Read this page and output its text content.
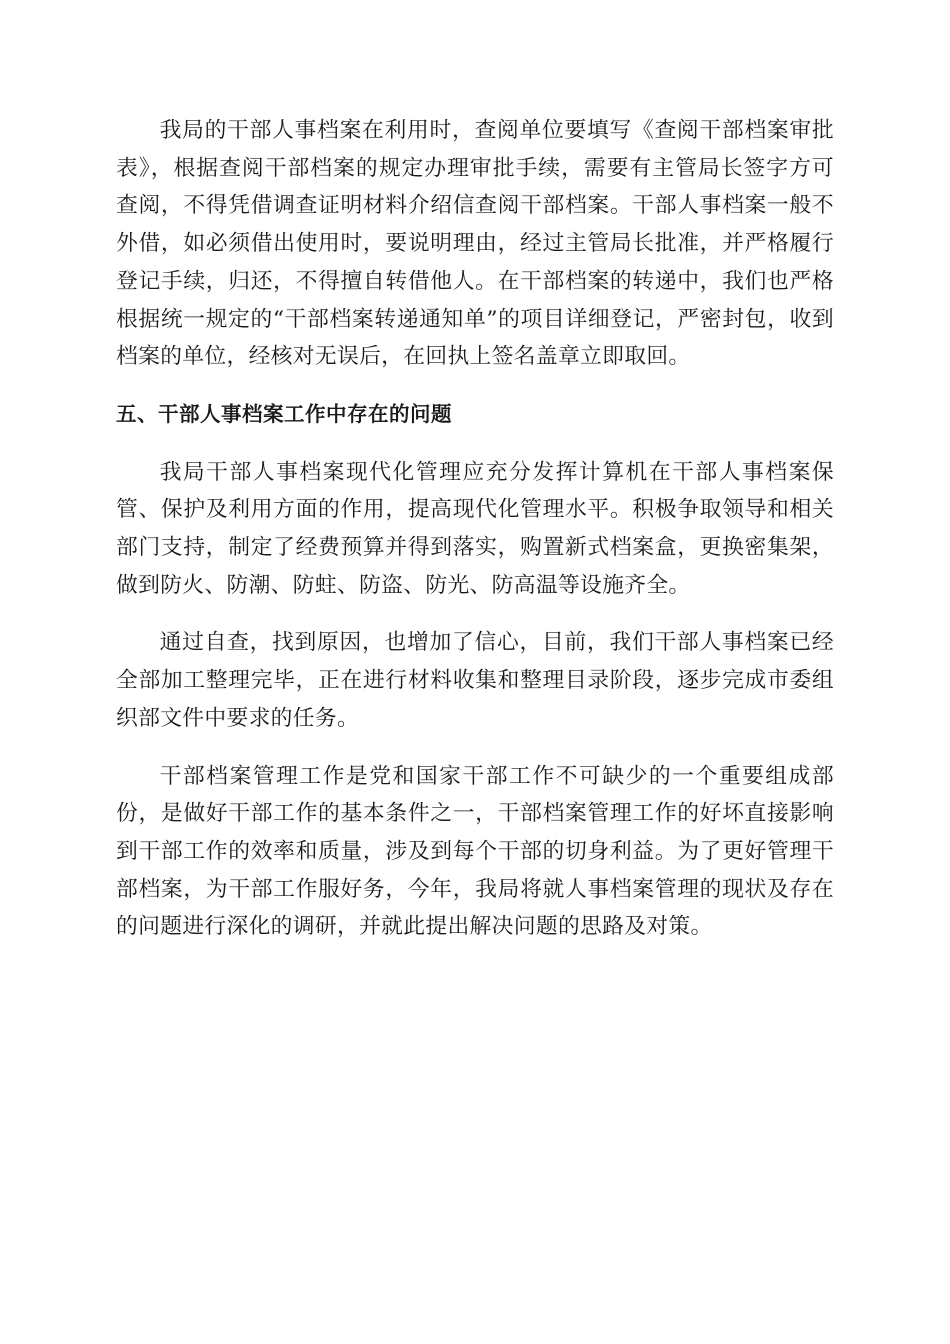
我局的干部人事档案在利用时，查阅单位要填写《查阅干部档案审批表》，根据查阅干部档案的规定办理审批手续，需要有主管局长签字方可查阅，不得凭借调查证明材料介绍信查阅干部档案。干部人事档案一般不外借，如必须借出使用时，要说明理由，经过主管局长批准，并严格履行登记手续，归还，不得擅自转借他人。在干部档案的转递中，我们也严格根据统一规定的“干部档案转递通知单”的项目详细登记，严密封包，收到档案的单位，经核对无误后，在回执上签名盖章立即取回。

五、干部人事档案工作中存在的问题

我局干部人事档案现代化管理应充分发挥计算机在干部人事档案保管、保护及利用方面的作用，提高现代化管理水平。积极争取领导和相关部门支持，制定了经费预算并得到落实，购置新式档案盒，更换密集架，做到防火、防潮、防蛀、防盗、防光、防高温等设施齐全。

通过自查，找到原因，也增加了信心，目前，我们干部人事档案已经全部加工整理完毕，正在进行材料收集和整理目录阶段，逐步完成市委组织部文件中要求的任务。

干部档案管理工作是党和国家干部工作不可缺少的一个重要组成部份，是做好干部工作的基本条件之一，干部档案管理工作的好坏直接影响到干部工作的效率和质量，涉及到每个干部的切身利益。为了更好管理干部档案，为干部工作服好务，今年，我局将就人事档案管理的现状及存在的问题进行深化的调研，并就此提出解决问题的思路及对策。
